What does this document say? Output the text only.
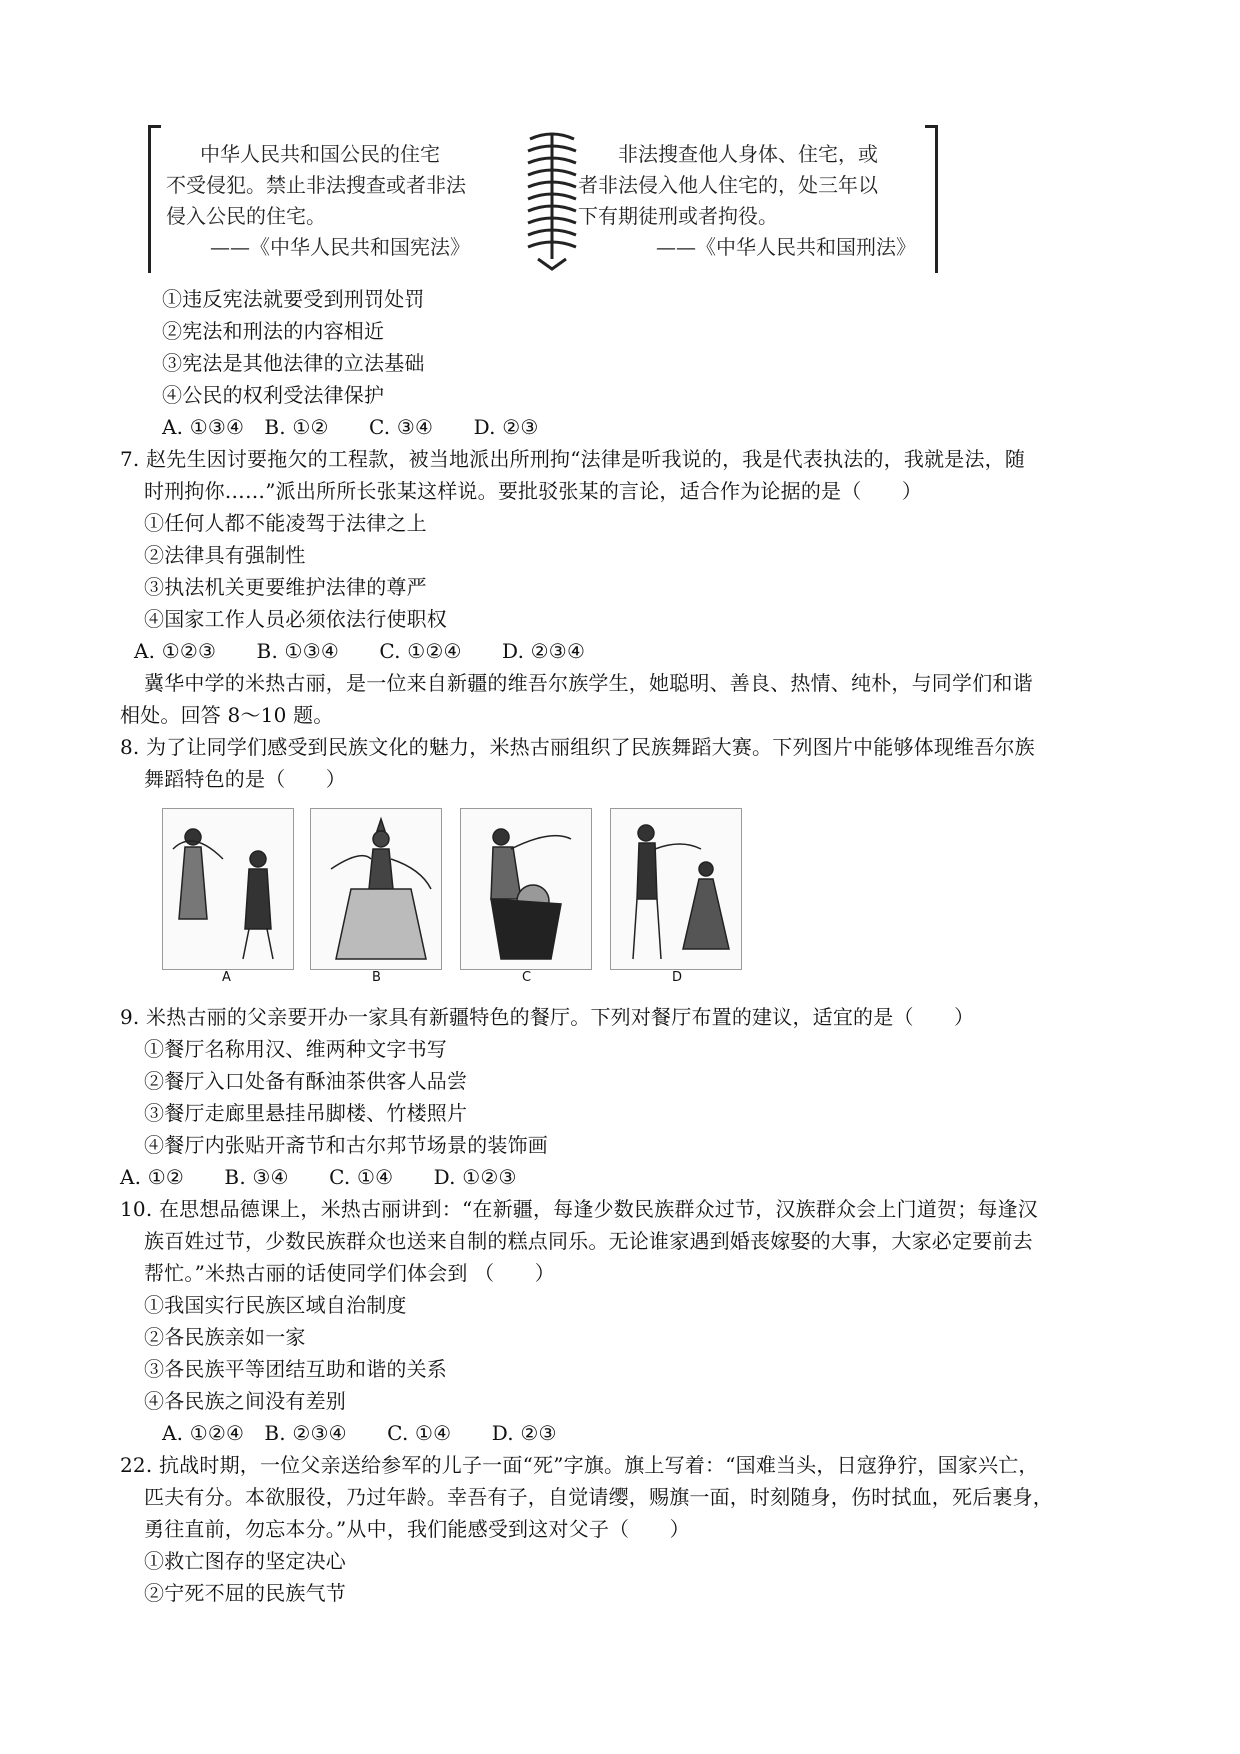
中华人民共和国公民的住宅
不受侵犯。禁止非法搜查或者非法
侵入公民的住宅。
——《中华人民共和国宪法》
非法搜查他人身体、住宅，或
者非法侵入他人住宅的，处三年以
下有期徒刑或者拘役。
——《中华人民共和国刑法》
①违反宪法就要受到刑罚处罚
②宪法和刑法的内容相近
③宪法是其他法律的立法基础
④公民的权利受法律保护
A. ①③④　B. ①②　　C. ③④　　D. ②③
7. 赵先生因讨要拖欠的工程款，被当地派出所刑拘“法律是听我说的，我是代表执法的，我就是法，随
时刑拘你……”派出所所长张某这样说。要批驳张某的言论，适合作为论据的是（　　）
①任何人都不能凌驾于法律之上
②法律具有强制性
③执法机关更要维护法律的尊严
④国家工作人员必须依法行使职权
A. ①②③　　B. ①③④　　C. ①②④　　D. ②③④
冀华中学的米热古丽，是一位来自新疆的维吾尔族学生，她聪明、善良、热情、纯朴，与同学们和谐
相处。回答 8～10 题。
8. 为了让同学们感受到民族文化的魅力，米热古丽组织了民族舞蹈大赛。下列图片中能够体现维吾尔族
舞蹈特色的是（　　）
A	B	C	D
9. 米热古丽的父亲要开办一家具有新疆特色的餐厅。下列对餐厅布置的建议，适宜的是（　　）
①餐厅名称用汉、维两种文字书写
②餐厅入口处备有酥油茶供客人品尝
③餐厅走廊里悬挂吊脚楼、竹楼照片
④餐厅内张贴开斋节和古尔邦节场景的装饰画
A. ①②　　B. ③④　　C. ①④　　D. ①②③
10. 在思想品德课上，米热古丽讲到：“在新疆，每逢少数民族群众过节，汉族群众会上门道贺；每逢汉
族百姓过节，少数民族群众也送来自制的糕点同乐。无论谁家遇到婚丧嫁娶的大事，大家必定要前去
帮忙。”米热古丽的话使同学们体会到 （　　）
①我国实行民族区域自治制度
②各民族亲如一家
③各民族平等团结互助和谐的关系
④各民族之间没有差别
A. ①②④　B. ②③④　　C. ①④　　D. ②③
22. 抗战时期，一位父亲送给参军的儿子一面“死”字旗。旗上写着：“国难当头，日寇狰狞，国家兴亡，
匹夫有分。本欲服役，乃过年龄。幸吾有子，自觉请缨，赐旗一面，时刻随身，伤时拭血，死后裹身，
勇往直前，勿忘本分。”从中，我们能感受到这对父子（　　）
①救亡图存的坚定决心
②宁死不屈的民族气节
